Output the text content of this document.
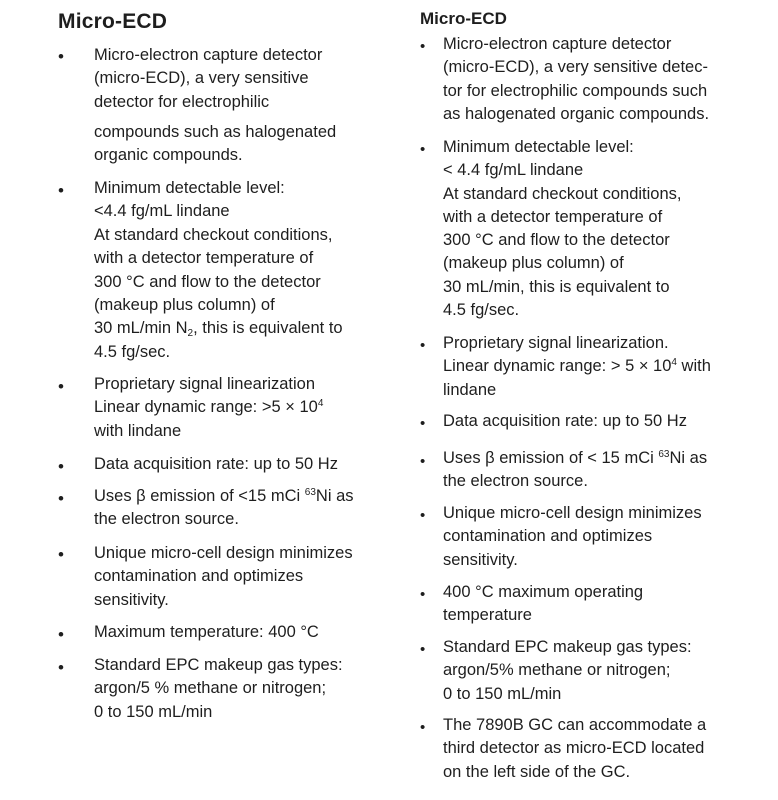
Micro-ECD
• Micro-electron capture detector
(micro-ECD), a very sensitive
detector for electrophilic
compounds such as halogenated
organic compounds.
• Minimum detectable level:
<4.4 fg/mL lindane
At standard checkout conditions,
with a detector temperature of
300 °C and flow to the detector
(makeup plus column) of
30 mL/min $N_2$, this is equivalent to
4.5 fg/sec.
• Proprietary signal linearization
Linear dynamic range: $>5 \times 10^4$
with lindane
• Data acquisition rate: up to 50 Hz
• Uses β emission of <15 mCi $^{63}$Ni as
the electron source.
• Unique micro-cell design minimizes
contamination and optimizes
sensitivity.
• Maximum temperature: 400 °C
• Standard EPC makeup gas types:
argon/5 % methane or nitrogen;
0 to 150 mL/min
Micro-ECD
• Micro-electron capture detector
(micro-ECD), a very sensitive detec-
tor for electrophilic compounds such
as halogenated organic compounds.
• Minimum detectable level:
< 4.4 fg/mL lindane
At standard checkout conditions,
with a detector temperature of
300 °C and flow to the detector
(makeup plus column) of
30 mL/min, this is equivalent to
4.5 fg/sec.
• Proprietary signal linearization.
Linear dynamic range: > $5 \times 10^4$ with
lindane
• Data acquisition rate: up to 50 Hz
• Uses β emission of < 15 mCi $^{63}$Ni as
the electron source.
• Unique micro-cell design minimizes
contamination and optimizes
sensitivity.
• 400 °C maximum operating
temperature
• Standard EPC makeup gas types:
argon/5% methane or nitrogen;
0 to 150 mL/min
• The 7890B GC can accommodate a
third detector as micro-ECD located
on the left side of the GC.
